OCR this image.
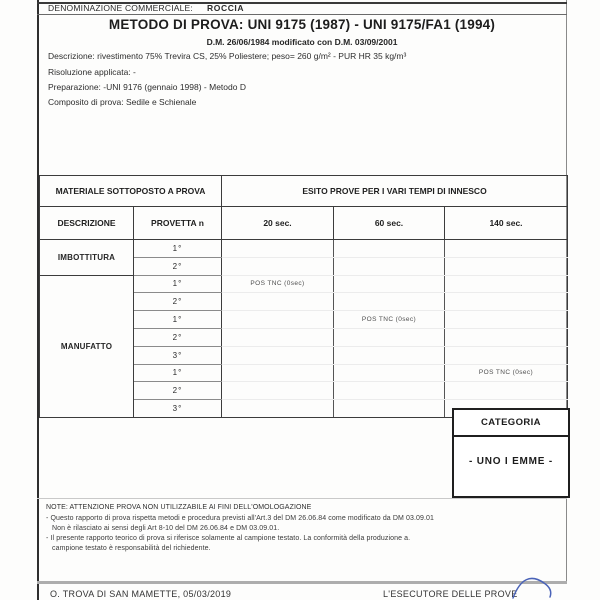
DENOMINAZIONE COMMERCIALE: ROCCIA
METODO DI PROVA: UNI 9175 (1987) - UNI 9175/FA1 (1994)
D.M. 26/06/1984 modificato con D.M. 03/09/2001
Descrizione: rivestimento 75% Trevira CS, 25% Poliestere; peso= 260 g/m² - PUR HR 35 kg/m³
Risoluzione applicata: -
Preparazione: -UNI 9176 (gennaio 1998) - Metodo D
Composito di prova: Sedile e Schienale
MATERIALE SOTTOPOSTO A PROVA		ESITO PROVE PER I VARI TEMPI DI INNESCO		
DESCRIZIONE	PROVETTA n	20 sec.	60 sec.	140 sec.
IMBOTTITURA	1°			
	2°			
MANUFATTO	1°	POS TNC (0sec)		
	2°			
	1°		POS TNC (0sec)	
	2°			
	3°			
	1°			POS TNC (0sec)
	2°			
	3°			
CATEGORIA
- UNO I EMME -
NOTE: ATTENZIONE PROVA NON UTILIZZABILE AI FINI DELL'OMOLOGAZIONE
- Questo rapporto di prova rispetta metodi e procedura previsti all'Art.3 del DM 26.06.84 come modificato da DM 03.09.01
Non è rilasciato ai sensi degli Art 8-10 del DM 26.06.84 e DM 03.09.01.
- Il presente rapporto teorico di prova si riferisce solamente al campione testato. La conformità della produzione a.
campione testato è responsabilità del richiedente.
O. TROVA DI SAN MAMETTE, 05/03/2019	L'ESECUTORE DELLE PROVE
